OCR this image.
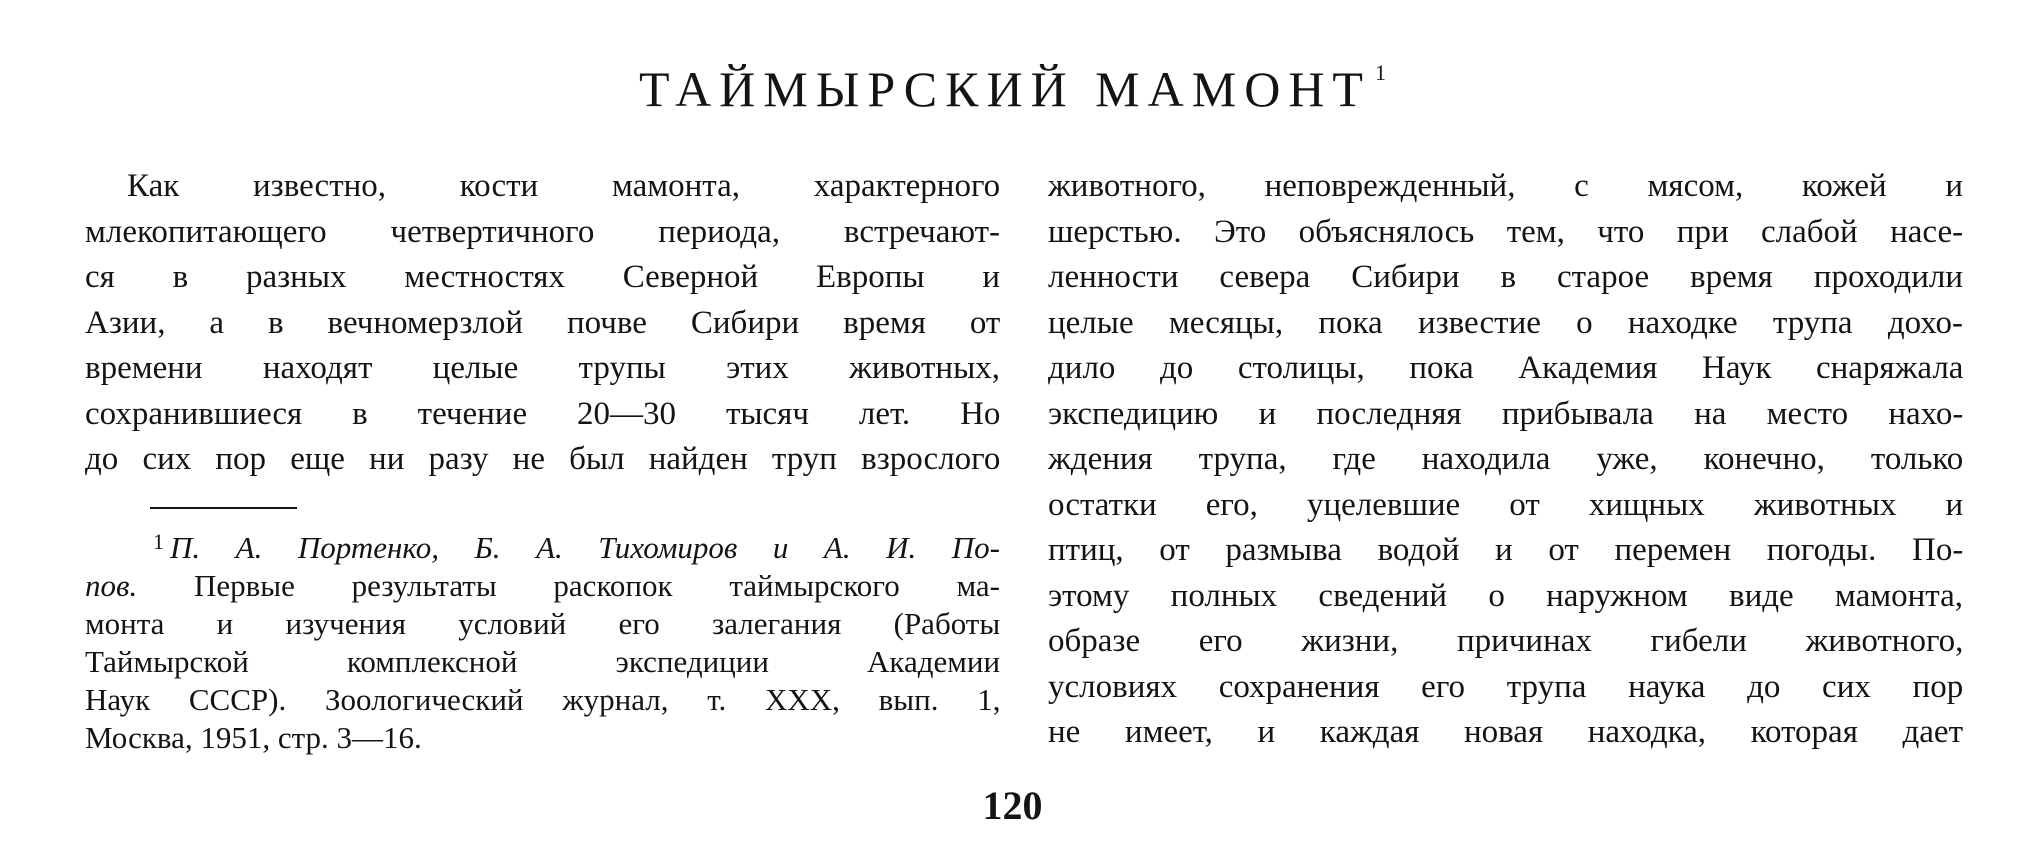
ТАЙМЫРСКИЙ МАМОНТ $^1$
Как известно, кости мамонта, характерного
млекопитающего четвертичного периода, встречают-
ся в разных местностях Северной Европы и
Азии, а в вечномерзлой почве Сибири время от
времени находят целые трупы этих животных,
сохранившиеся в течение 20—30 тысяч лет. Но
до сих пор еще ни разу не был найден труп взрослого
$^1$ П. А. Портенко, Б. А. Тихомиров и А. И. По-
пов. Первые результаты раскопок таймырского ма-
монта и изучения условий его залегания (Работы
Таймырской комплексной экспедиции Академии
Наук СССР). Зоологический журнал, т. XXX, вып. 1,
Москва, 1951, стр. 3—16.
животного, неповрежденный, с мясом, кожей и
шерстью. Это объяснялось тем, что при слабой насе-
ленности севера Сибири в старое время проходили
целые месяцы, пока известие о находке трупа дохо-
дило до столицы, пока Академия Наук снаряжала
экспедицию и последняя прибывала на место нахо-
ждения трупа, где находила уже, конечно, только
остатки его, уцелевшие от хищных животных и
птиц, от размыва водой и от перемен погоды. По-
этому полных сведений о наружном виде мамонта,
образе его жизни, причинах гибели животного,
условиях сохранения его трупа наука до сих пор
не имеет, и каждая новая находка, которая дает
120
